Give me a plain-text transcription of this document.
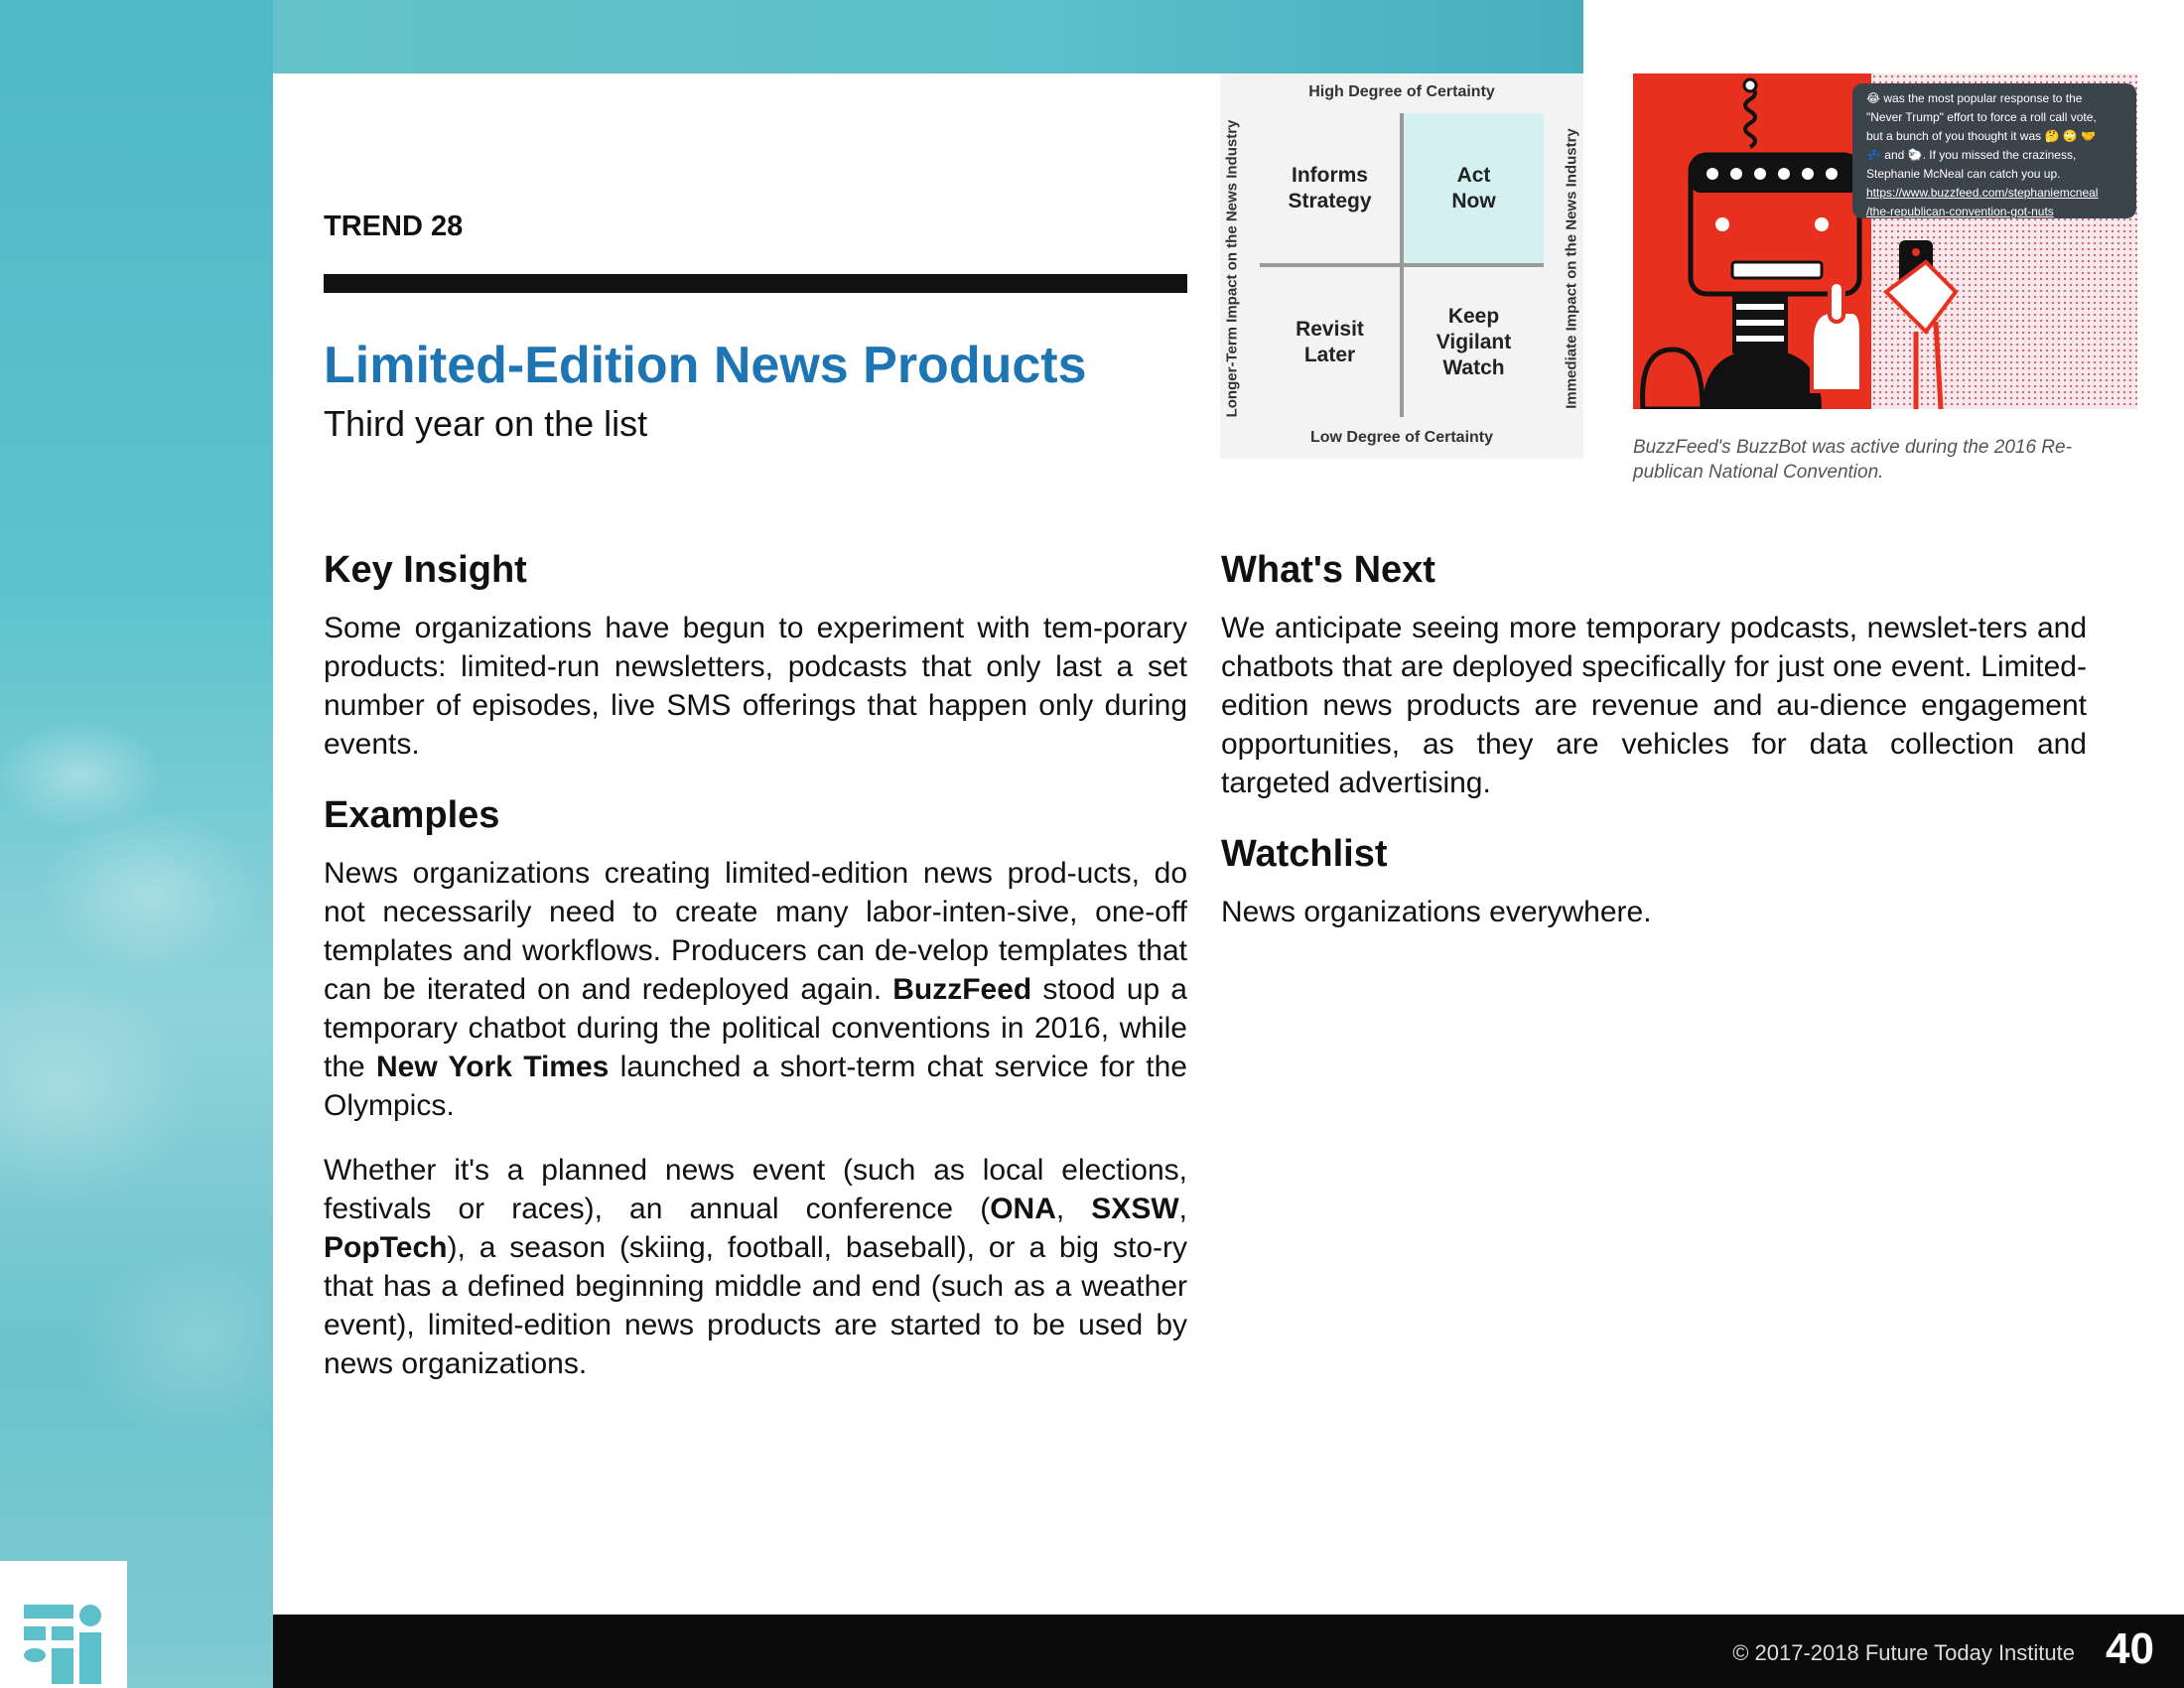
TREND 28
Limited-Edition News Products
Third year on the list
High Degree of Certainty
Low Degree of Certainty
Longer-Term Impact on the News Industry	Immediate Impact on the News Industry
Informs
Strategy
Act
Now
Revisit
Later
Keep
Vigilant
Watch
😂 was the most popular response to the
"Never Trump" effort to force a roll call vote,
but a bunch of you thought it was 🤔 🙄 🤝
💤 and 🐑. If you missed the craziness,
Stephanie McNeal can catch you up.
https://www.buzzfeed.com/stephaniemcneal
/the-republican-convention-got-nuts
BuzzFeed's BuzzBot was active during the 2016 Re-publican National Convention.
Key Insight

Some organizations have begun to experiment with tem-porary products: limited-run newsletters, podcasts that only last a set number of episodes, live SMS offerings that happen only during events.

Examples

News organizations creating limited-edition news prod-ucts, do not necessarily need to create many labor-inten-sive, one-off templates and workflows. Producers can de-velop templates that can be iterated on and redeployed again. BuzzFeed stood up a temporary chatbot during the political conventions in 2016, while the New York Times launched a short-term chat service for the Olympics.

Whether it's a planned news event (such as local elections, festivals or races), an annual conference (ONA, SXSW, PopTech), a season (skiing, football, baseball), or a big sto-ry that has a defined beginning middle and end (such as a weather event), limited-edition news products are started to be used by news organizations.

What's Next

We anticipate seeing more temporary podcasts, newslet-ters and chatbots that are deployed specifically for just one event. Limited-edition news products are revenue and au-dience engagement opportunities, as they are vehicles for data collection and targeted advertising.

Watchlist

News organizations everywhere.

© 2017-2018 Future Today Institute 40
